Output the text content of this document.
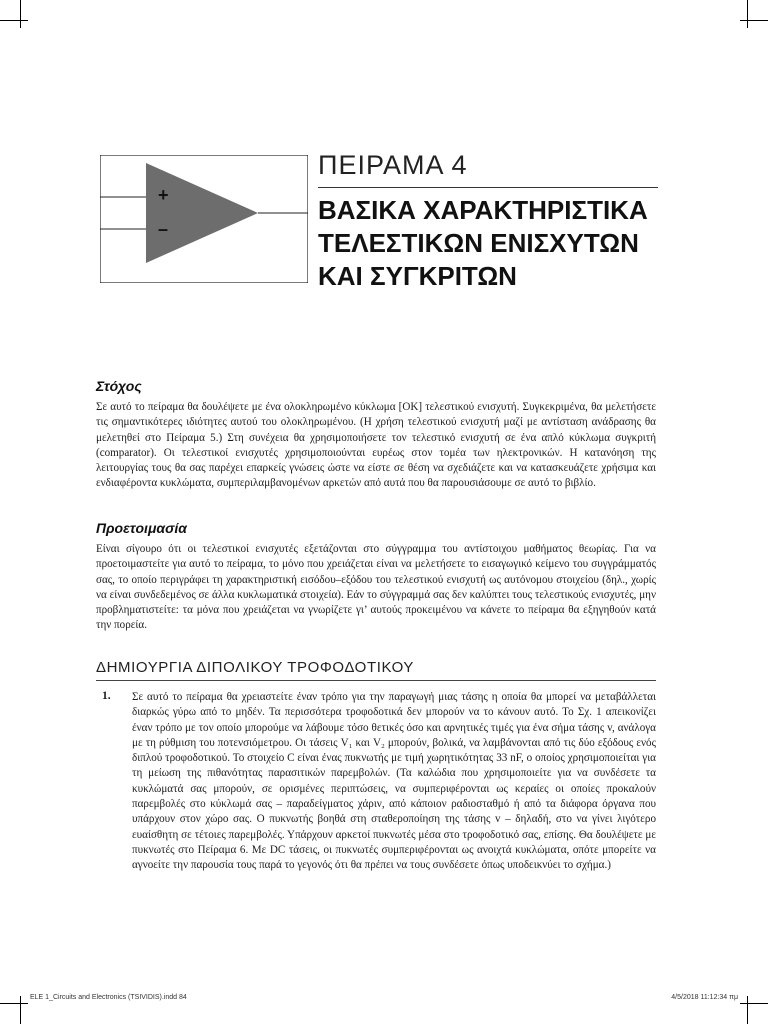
+
–
ΠΕΙΡΑΜΑ 4
ΒΑΣΙΚΑ ΧΑΡΑΚΤΗΡΙΣΤΙΚΑ
ΤΕΛΕΣΤΙΚΩΝ ΕΝΙΣΧΥΤΩΝ
ΚΑΙ ΣΥΓΚΡΙΤΩΝ
Στόχος
Σε αυτό το πείραμα θα δουλέψετε με ένα ολοκληρωμένο κύκλωμα [ΟΚ] τελεστικού ενισχυτή. Συγκεκριμένα, θα μελετήσετε τις σημαντικότερες ιδιότητες αυτού του ολοκληρωμένου. (Η χρήση τελεστικού ενισχυτή μαζί με αντίσταση ανάδρασης θα μελετηθεί στο Πείραμα 5.) Στη συνέχεια θα χρησιμοποιήσετε τον τελεστικό ενισχυτή σε ένα απλό κύκλωμα συγκριτή (comparator). Οι τελεστικοί ενισχυτές χρησιμοποιούνται ευρέως στον τομέα των ηλεκτρονικών. Η κατανόηση της λειτουργίας τους θα σας παρέχει επαρκείς γνώσεις ώστε να είστε σε θέση να σχεδιάζετε και να κατασκευάζετε χρήσιμα και ενδιαφέροντα κυκλώματα, συμπεριλαμβανομένων αρκετών από αυτά που θα παρουσιάσουμε σε αυτό το βιβλίο.
Προετοιμασία
Είναι σίγουρο ότι οι τελεστικοί ενισχυτές εξετάζονται στο σύγγραμμα του αντίστοιχου μαθήματος θεωρίας. Για να προετοιμαστείτε για αυτό το πείραμα, το μόνο που χρειάζεται είναι να μελετήσετε το εισαγωγικό κείμενο του συγγράμματός σας, το οποίο περιγράφει τη χαρακτηριστική εισόδου–εξόδου του τελεστικού ενισχυτή ως αυτόνομου στοιχείου (δηλ., χωρίς να είναι συνδεδεμένος σε άλλα κυκλωματικά στοιχεία). Εάν το σύγγραμμά σας δεν καλύπτει τους τελεστικούς ενισχυτές, μην προβληματιστείτε: τα μόνα που χρειάζεται να γνωρίζετε γι’ αυτούς προκειμένου να κάνετε το πείραμα θα εξηγηθούν κατά την πορεία.
ΔΗΜΙΟΥΡΓΙΑ ΔΙΠΟΛΙΚΟΥ ΤΡΟΦΟΔΟΤΙΚΟΥ
1.	Σε αυτό το πείραμα θα χρειαστείτε έναν τρόπο για την παραγωγή μιας τάσης η οποία θα μπορεί να μεταβάλλεται διαρκώς γύρω από το μηδέν. Τα περισσότερα τροφοδοτικά δεν μπορούν να το κάνουν αυτό. Το Σχ. 1 απεικονίζει έναν τρόπο με τον οποίο μπορούμε να λάβουμε τόσο θετικές όσο και αρνητικές τιμές για ένα σήμα τάσης v, ανάλογα με τη ρύθμιση του ποτενσιόμετρου. Οι τάσεις V₁ και V₂ μπορούν, βολικά, να λαμβάνονται από τις δύο εξόδους ενός διπλού τροφοδοτικού. Το στοιχείο C είναι ένας πυκνωτής με τιμή χωρητικότητας 33 nF, ο οποίος χρησιμοποιείται για τη μείωση της πιθανότητας παρασιτικών παρεμβολών. (Τα καλώδια που χρησιμοποιείτε για να συνδέσετε τα κυκλώματά σας μπορούν, σε ορισμένες περιπτώσεις, να συμπεριφέρονται ως κεραίες οι οποίες προκαλούν παρεμβολές στο κύκλωμά σας – παραδείγματος χάριν, από κάποιον ραδιοσταθμό ή από τα διάφορα όργανα που υπάρχουν στον χώρο σας. Ο πυκνωτής βοηθά στη σταθεροποίηση της τάσης v – δηλαδή, στο να γίνει λιγότερο ευαίσθητη σε τέτοιες παρεμβολές. Υπάρχουν αρκετοί πυκνωτές μέσα στο τροφοδοτικό σας, επίσης. Θα δουλέψετε με πυκνωτές στο Πείραμα 6. Με DC τάσεις, οι πυκνωτές συμπεριφέρονται ως ανοιχτά κυκλώματα, οπότε μπορείτε να αγνοείτε την παρουσία τους παρά το γεγονός ότι θα πρέπει να τους συνδέσετε όπως υποδεικνύει το σχήμα.)
ELE 1_Circuits and Electronics (TSIVIDIS).indd 84	4/5/2018 11:12:34 πμ
